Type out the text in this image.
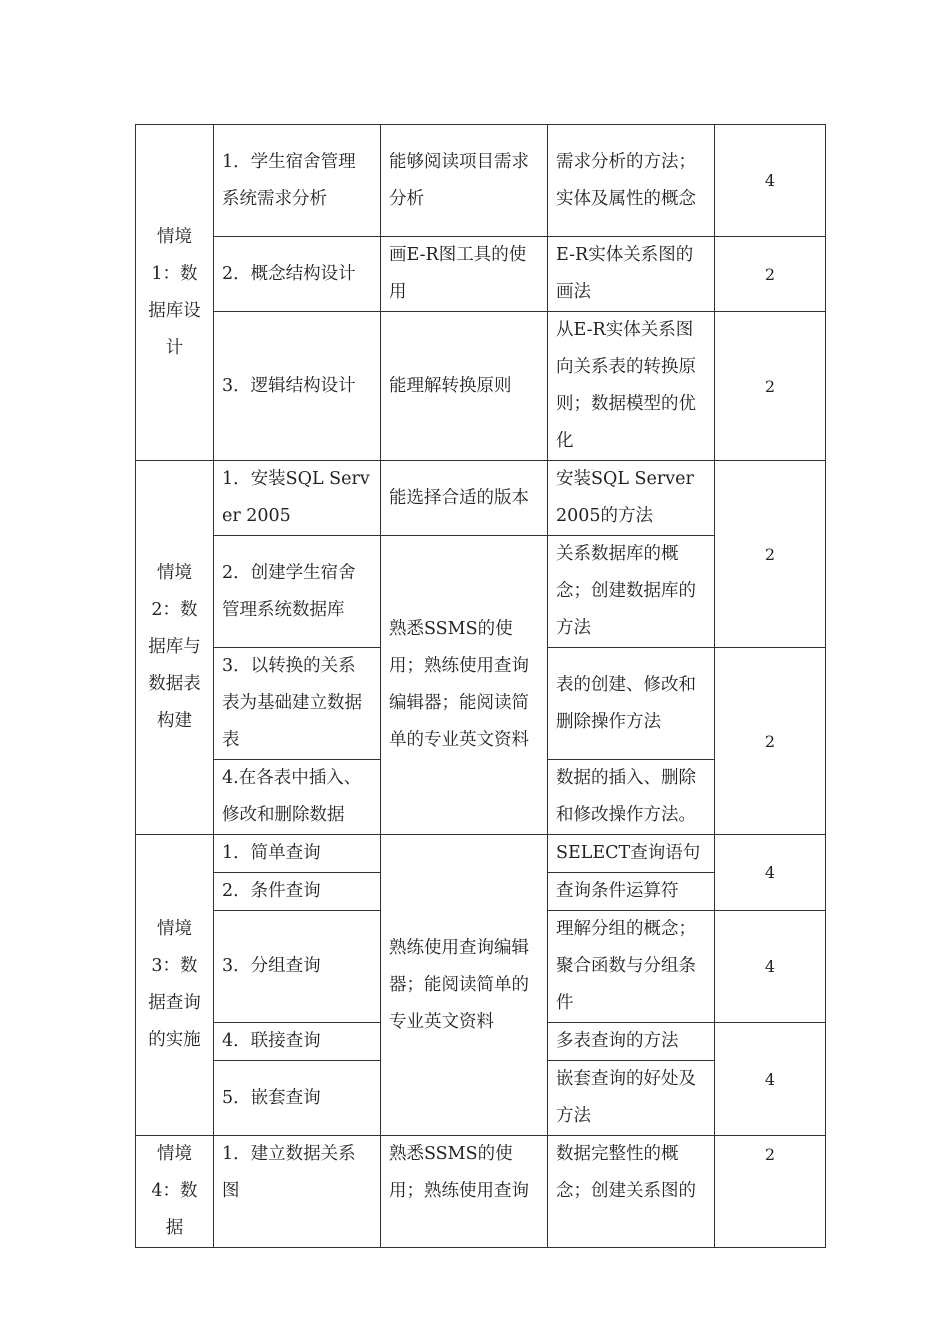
情境1：数据库设计	1．学生宿舍管理系统需求分析	能够阅读项目需求分析	需求分析的方法；实体及属性的概念	4
	2．概念结构设计	画E-R图工具的使用	E-R实体关系图的画法	2
	3．逻辑结构设计	能理解转换原则	从E-R实体关系图向关系表的转换原则；数据模型的优化	2

情境2：数据库与数据表构建	1．安装SQL Server 2005	能选择合适的版本	安装SQL Server 2005的方法	2
	2．创建学生宿舍管理系统数据库	熟悉SSMS的使用；熟练使用查询编辑器；能阅读简单的专业英文资料	关系数据库的概念；创建数据库的方法	
	3．以转换的关系表为基础建立数据表		表的创建、修改和删除操作方法	2
	4.在各表中插入、修改和删除数据		数据的插入、删除和修改操作方法。	

情境3：数据查询的实施	1．简单查询	熟练使用查询编辑器；能阅读简单的专业英文资料	SELECT查询语句	4
	2．条件查询		查询条件运算符	
	3．分组查询		理解分组的概念；聚合函数与分组条件	4
	4．联接查询		多表查询的方法	4
	5．嵌套查询		嵌套查询的好处及方法	

情境4：数据	1．建立数据关系图	熟悉SSMS的使用；熟练使用查询	数据完整性的概念；创建关系图的	2
